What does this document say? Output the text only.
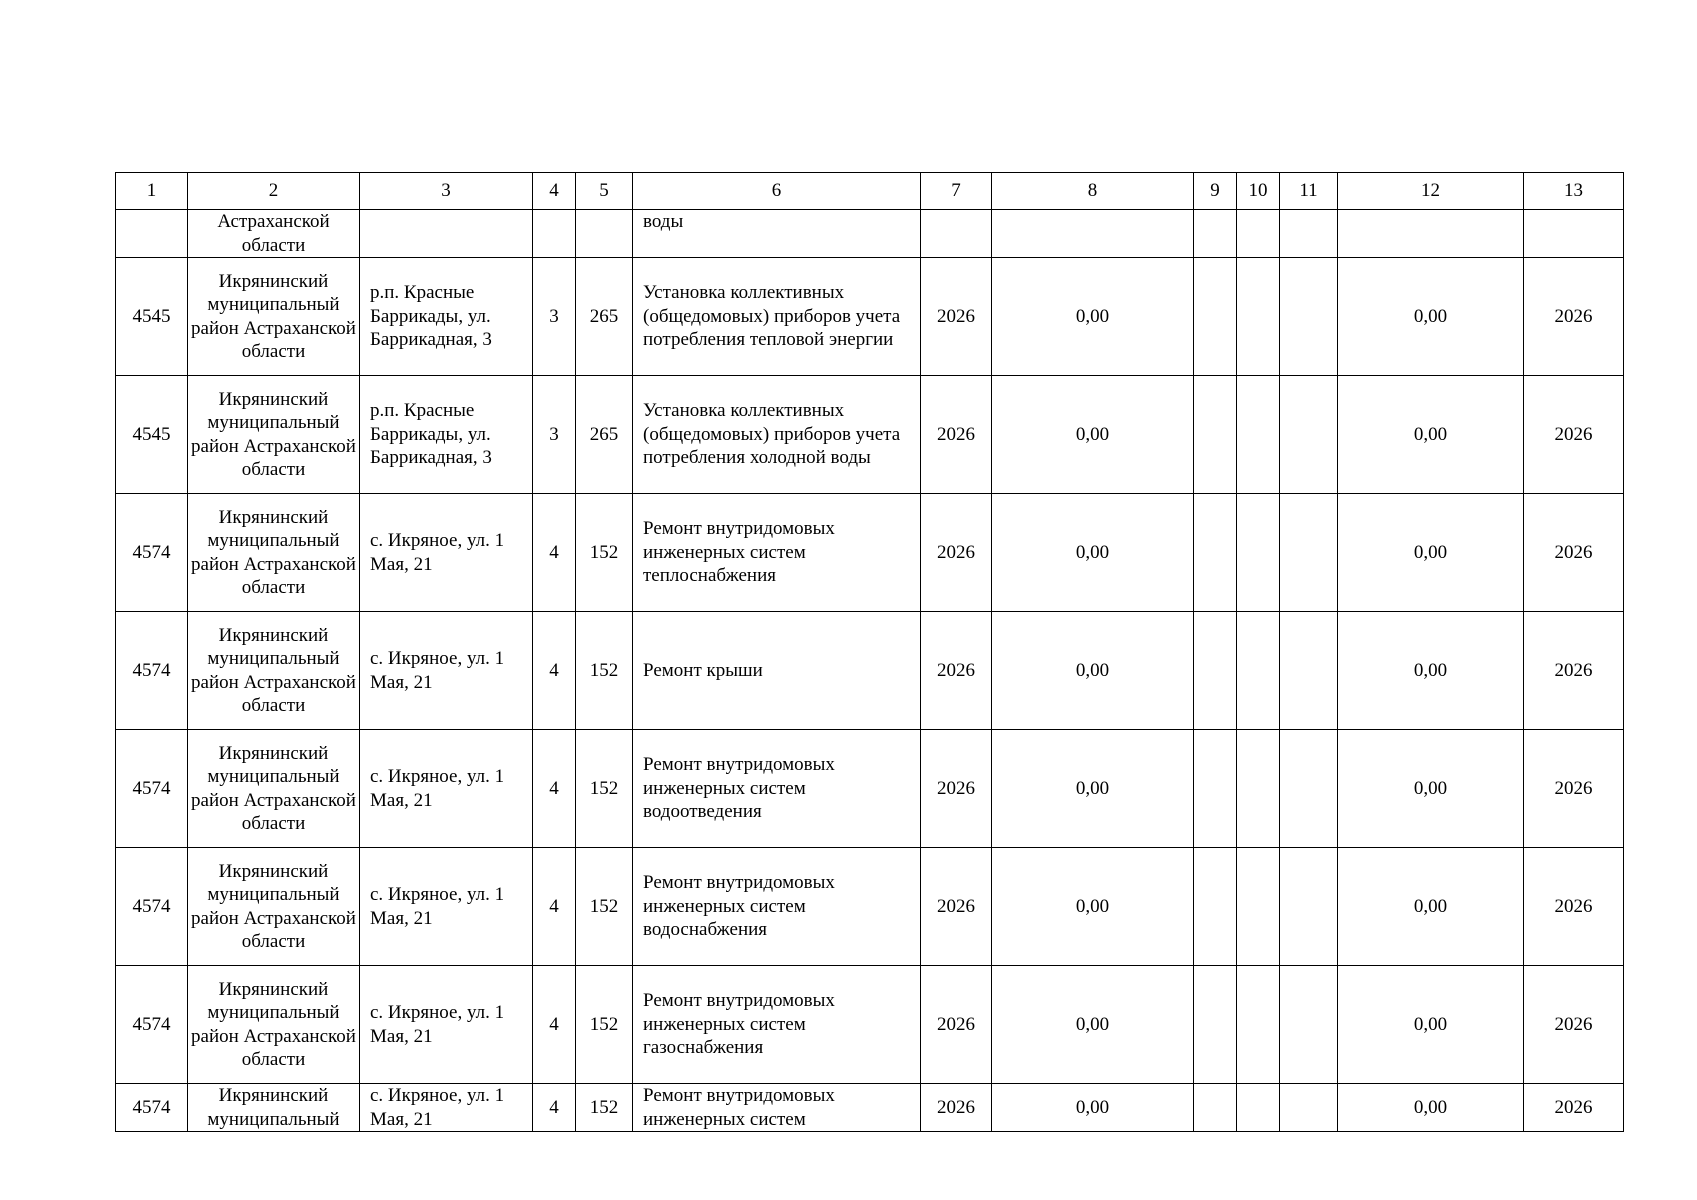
1	2	3	4	5	6	7	8	9	10	11	12	13
	Астраханской области				воды							
4545	Икрянинский муниципальный район Астраханской области	р.п. Красные Баррикады, ул. Баррикадная, 3	3	265	Установка коллективных (общедомовых) приборов учета потребления тепловой энергии	2026	0,00				0,00	2026
4545	Икрянинский муниципальный район Астраханской области	р.п. Красные Баррикады, ул. Баррикадная, 3	3	265	Установка коллективных (общедомовых) приборов учета потребления холодной воды	2026	0,00				0,00	2026
4574	Икрянинский муниципальный район Астраханской области	с. Икряное, ул. 1 Мая, 21	4	152	Ремонт внутридомовых инженерных систем теплоснабжения	2026	0,00				0,00	2026
4574	Икрянинский муниципальный район Астраханской области	с. Икряное, ул. 1 Мая, 21	4	152	Ремонт крыши	2026	0,00				0,00	2026
4574	Икрянинский муниципальный район Астраханской области	с. Икряное, ул. 1 Мая, 21	4	152	Ремонт внутридомовых инженерных систем водоотведения	2026	0,00				0,00	2026
4574	Икрянинский муниципальный район Астраханской области	с. Икряное, ул. 1 Мая, 21	4	152	Ремонт внутридомовых инженерных систем водоснабжения	2026	0,00				0,00	2026
4574	Икрянинский муниципальный район Астраханской области	с. Икряное, ул. 1 Мая, 21	4	152	Ремонт внутридомовых инженерных систем газоснабжения	2026	0,00				0,00	2026
4574	Икрянинский муниципальный	с. Икряное, ул. 1 Мая, 21	4	152	Ремонт внутридомовых инженерных систем	2026	0,00				0,00	2026
